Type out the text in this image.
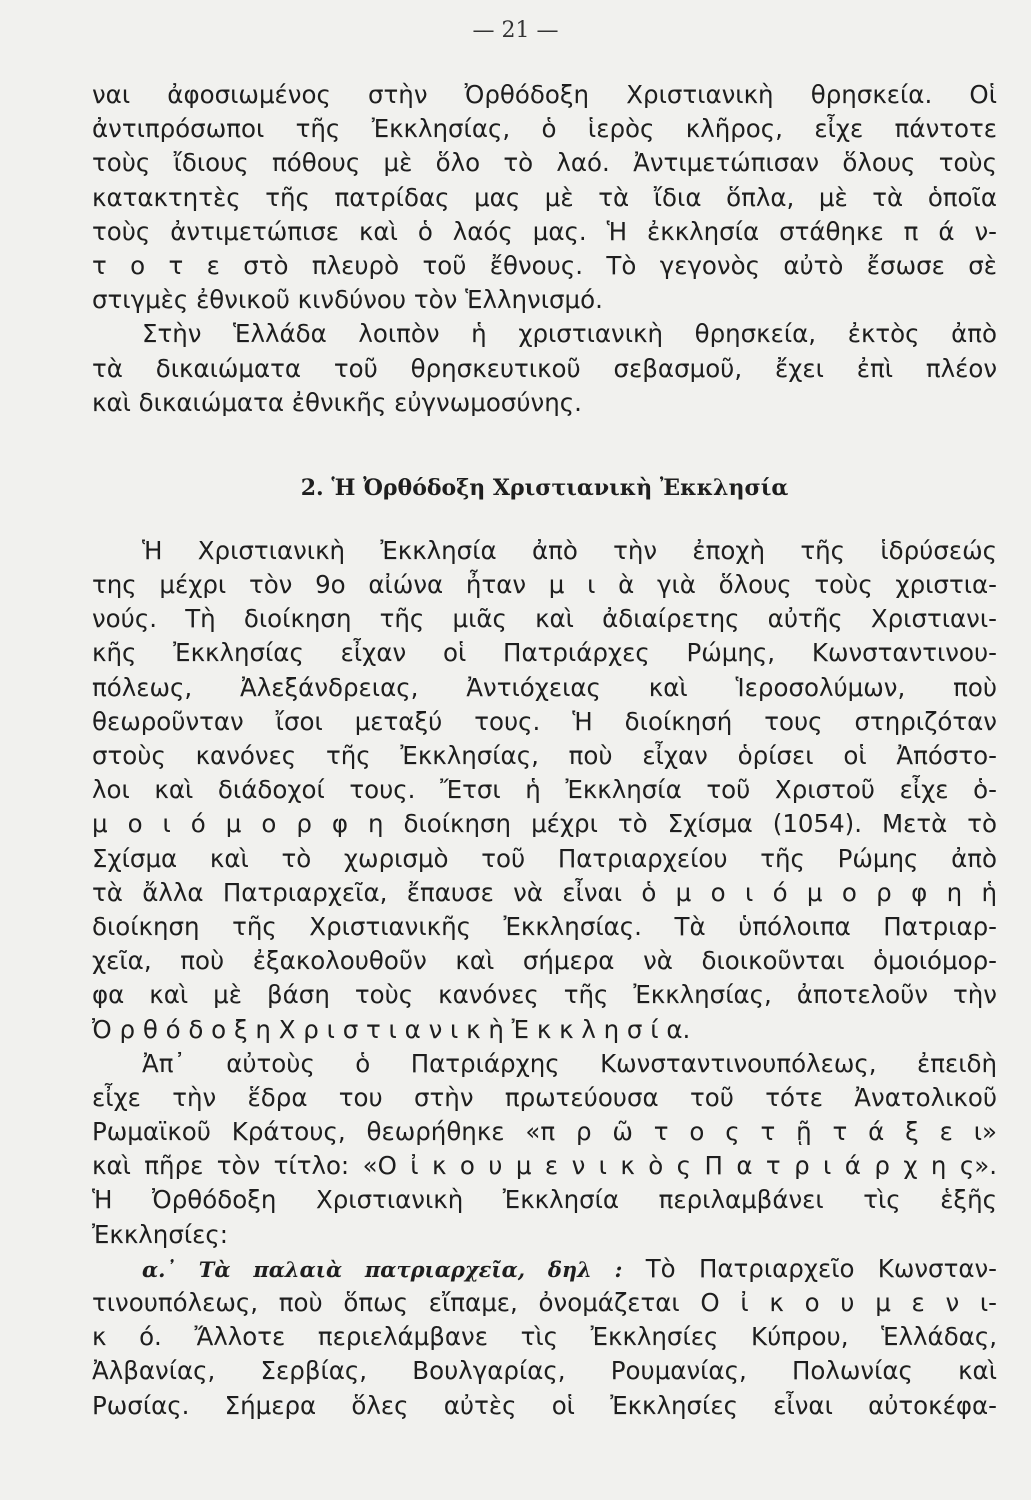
— 21 —
ναι ἀφοσιωμένος στὴν Ὀρθόδοξη Χριστιανικὴ θρησκεία. Οἱ
ἀντιπρόσωποι τῆς Ἐκκλησίας, ὁ ἱερὸς κλῆρος, εἶχε πάντοτε
τοὺς ἴδιους πόθους μὲ ὅλο τὸ λαό. Ἀντιμετώπισαν ὅλους τοὺς
κατακτητὲς τῆς πατρίδας μας μὲ τὰ ἴδια ὅπλα, μὲ τὰ ὁποῖα
τοὺς ἀντιμετώπισε καὶ ὁ λαός μας. Ἡ ἐκκλησία στάθηκε π ά ν-
τ ο τ ε στὸ πλευρὸ τοῦ ἔθνους. Τὸ γεγονὸς αὐτὸ ἔσωσε σὲ
στιγμὲς ἐθνικοῦ κινδύνου τὸν Ἑλληνισμό.
Στὴν Ἑλλάδα λοιπὸν ἡ χριστιανικὴ θρησκεία, ἐκτὸς ἀπὸ
τὰ δικαιώματα τοῦ θρησκευτικοῦ σεβασμοῦ, ἔχει ἐπὶ πλέον
καὶ δικαιώματα ἐθνικῆς εὐγνωμοσύνης.
2. Ἡ Ὀρθόδοξη Χριστιανικὴ Ἐκκλησία
Ἡ Χριστιανικὴ Ἐκκλησία ἀπὸ τὴν ἐποχὴ τῆς ἱδρύσεώς
της μέχρι τὸν 9ο αἰώνα ἦταν μ ι ὰ γιὰ ὅλους τοὺς χριστια-
νούς. Τὴ διοίκηση τῆς μιᾶς καὶ ἀδιαίρετης αὐτῆς Χριστιανι-
κῆς Ἐκκλησίας εἶχαν οἱ Πατριάρχες Ρώμης, Κωνσταντινου-
πόλεως, Ἀλεξάνδρειας, Ἀντιόχειας καὶ Ἱεροσολύμων, ποὺ
θεωροῦνταν ἴσοι μεταξύ τους. Ἡ διοίκησή τους στηριζόταν
στοὺς κανόνες τῆς Ἐκκλησίας, ποὺ εἶχαν ὁρίσει οἱ Ἀπόστο-
λοι καὶ διάδοχοί τους. Ἔτσι ἡ Ἐκκλησία τοῦ Χριστοῦ εἶχε ὁ-
μ ο ι ό μ ο ρ φ η διοίκηση μέχρι τὸ Σχίσμα (1054). Μετὰ τὸ
Σχίσμα καὶ τὸ χωρισμὸ τοῦ Πατριαρχείου τῆς Ρώμης ἀπὸ
τὰ ἄλλα Πατριαρχεῖα, ἔπαυσε νὰ εἶναι ὁ μ ο ι ό μ ο ρ φ η ἡ
διοίκηση τῆς Χριστιανικῆς Ἐκκλησίας. Τὰ ὑπόλοιπα Πατριαρ-
χεῖα, ποὺ ἐξακολουθοῦν καὶ σήμερα νὰ διοικοῦνται ὁμοιόμορ-
φα καὶ μὲ βάση τοὺς κανόνες τῆς Ἐκκλησίας, ἀποτελοῦν τὴν
Ὀ ρ θ ό δ ο ξ η Χ ρ ι σ τ ι α ν ι κ ὴ Ἐ κ κ λ η σ ί α.
Ἀπ᾽ αὐτοὺς ὁ Πατριάρχης Κωνσταντινουπόλεως, ἐπειδὴ
εἶχε τὴν ἕδρα του στὴν πρωτεύουσα τοῦ τότε Ἀνατολικοῦ
Ρωμαϊκοῦ Κράτους, θεωρήθηκε «π ρ ῶ τ ο ς τ ῇ τ ά ξ ε ι»
καὶ πῆρε τὸν τίτλο: «Ο ἰ κ ο υ μ ε ν ι κ ὸ ς Π α τ ρ ι ά ρ χ η ς».
Ἡ Ὀρθόδοξη Χριστιανικὴ Ἐκκλησία περιλαμβάνει τὶς ἑξῆς
Ἐκκλησίες:
α.᾽ Τὰ παλαιὰ πατριαρχεῖα, δηλ : Τὸ Πατριαρχεῖο Κωνσταν-
τινουπόλεως, ποὺ ὅπως εἴπαμε, ὀνομάζεται Ο ἰ κ ο υ μ ε ν ι-
κ ό. Ἄλλοτε περιελάμβανε τὶς Ἐκκλησίες Κύπρου, Ἑλλάδας,
Ἀλβανίας, Σερβίας, Βουλγαρίας, Ρουμανίας, Πολωνίας καὶ
Ρωσίας. Σήμερα ὅλες αὐτὲς οἱ Ἐκκλησίες εἶναι αὐτοκέφα-
